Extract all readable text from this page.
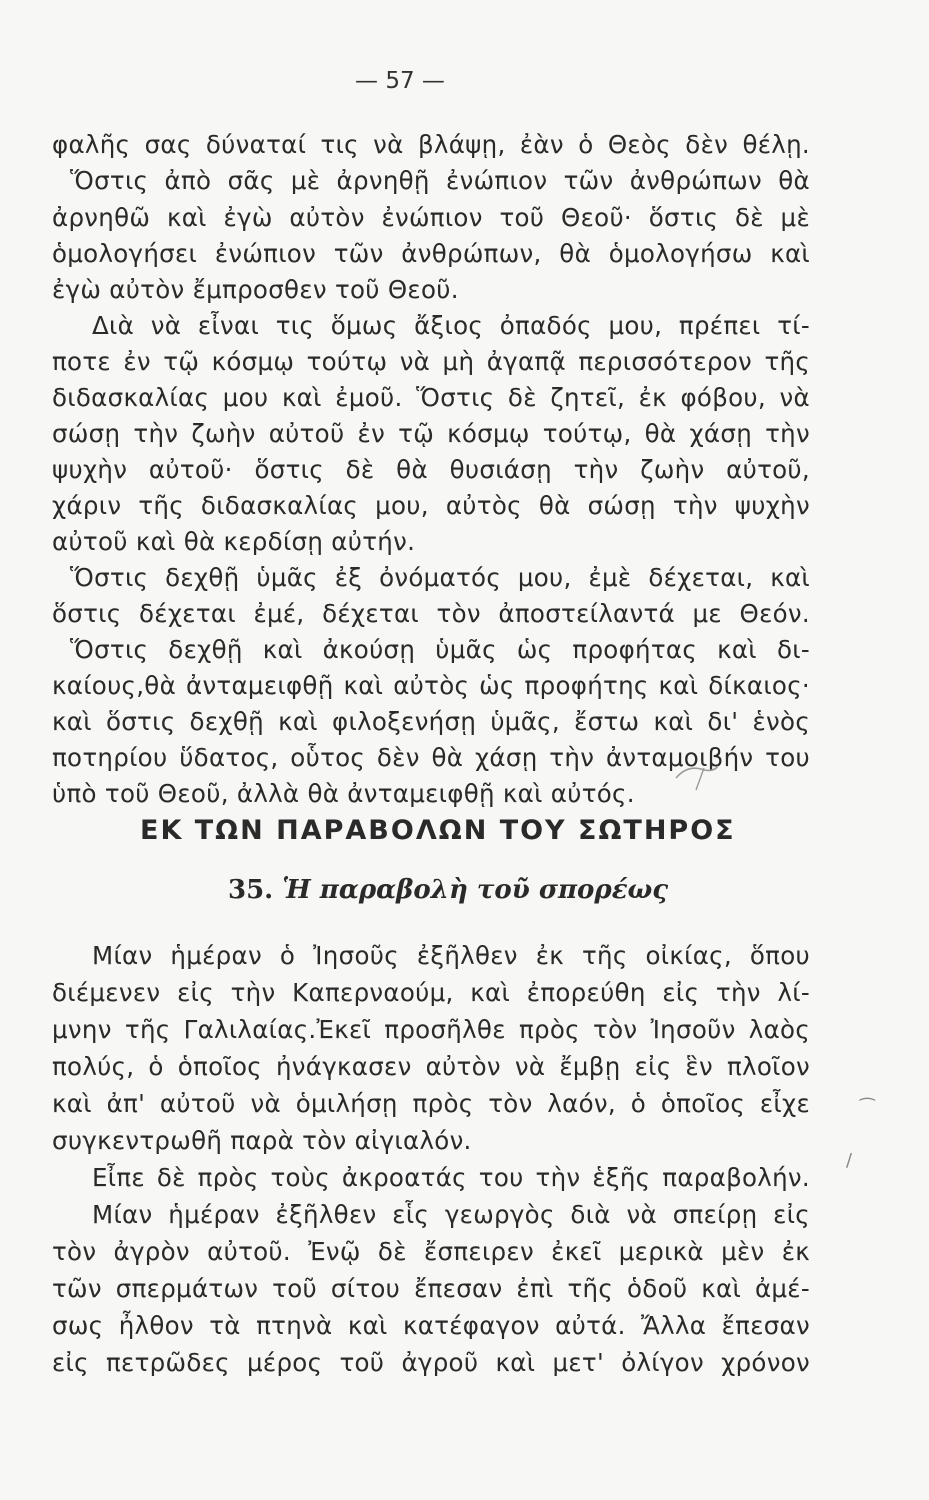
— 57 —
φαλῆς σας δύναταί τις νὰ βλάψῃ, ἐὰν ὁ Θεὸς δὲν θέλῃ.
Ὅστις ἀπὸ σᾶς μὲ ἀρνηθῇ ἐνώπιον τῶν ἀνθρώπων θὰ
ἀρνηθῶ καὶ ἐγὼ αὐτὸν ἐνώπιον τοῦ Θεοῦ· ὅστις δὲ μὲ
ὁμολογήσει ἐνώπιον τῶν ἀνθρώπων, θὰ ὁμολογήσω καὶ
ἐγὼ αὐτὸν ἔμπροσθεν τοῦ Θεοῦ.
Διὰ νὰ εἶναι τις ὅμως ἄξιος ὀπαδός μου, πρέπει τί-
ποτε ἐν τῷ κόσμῳ τούτῳ νὰ μὴ ἀγαπᾷ περισσότερον τῆς
διδασκαλίας μου καὶ ἐμοῦ. Ὅστις δὲ ζητεῖ, ἐκ φόβου, νὰ
σώσῃ τὴν ζωὴν αὐτοῦ ἐν τῷ κόσμῳ τούτῳ, θὰ χάσῃ τὴν
ψυχὴν αὐτοῦ· ὅστις δὲ θὰ θυσιάσῃ τὴν ζωὴν αὐτοῦ,
χάριν τῆς διδασκαλίας μου, αὐτὸς θὰ σώσῃ τὴν ψυχὴν
αὐτοῦ καὶ θὰ κερδίσῃ αὐτήν.
Ὅστις δεχθῇ ὑμᾶς ἐξ ὀνόματός μου, ἐμὲ δέχεται, καὶ
ὅστις δέχεται ἐμέ, δέχεται τὸν ἀποστείλαντά με Θεόν.
Ὅστις δεχθῇ καὶ ἀκούσῃ ὑμᾶς ὡς προφήτας καὶ δι-
καίους,θὰ ἀνταμειφθῇ καὶ αὐτὸς ὡς προφήτης καὶ δίκαιος·
καὶ ὅστις δεχθῇ καὶ φιλοξενήσῃ ὑμᾶς, ἔστω καὶ δι' ἑνὸς
ποτηρίου ὕδατος, οὗτος δὲν θὰ χάσῃ τὴν ἀνταμοιβήν του
ὑπὸ τοῦ Θεοῦ, ἀλλὰ θὰ ἀνταμειφθῇ καὶ αὐτός.
ΕΚ ΤΩΝ ΠΑΡΑΒΟΛΩΝ ΤΟΥ ΣΩΤΗΡΟΣ
35. Ἡ παραβολὴ τοῦ σπορέως
Μίαν ἡμέραν ὁ Ἰησοῦς ἐξῆλθεν ἐκ τῆς οἰκίας, ὅπου
διέμενεν εἰς τὴν Καπερναούμ, καὶ ἐπορεύθη εἰς τὴν λί-
μνην τῆς Γαλιλαίας.Ἐκεῖ προσῆλθε πρὸς τὸν Ἰησοῦν λαὸς
πολύς, ὁ ὁποῖος ἠνάγκασεν αὐτὸν νὰ ἔμβῃ εἰς ἓν πλοῖον
καὶ ἀπ' αὐτοῦ νὰ ὁμιλήσῃ πρὸς τὸν λαόν, ὁ ὁποῖος εἶχε
συγκεντρωθῆ παρὰ τὸν αἰγιαλόν.
Εἶπε δὲ πρὸς τοὺς ἀκροατάς του τὴν ἑξῆς παραβολήν.
Μίαν ἡμέραν ἐξῆλθεν εἷς γεωργὸς διὰ νὰ σπείρῃ εἰς
τὸν ἀγρὸν αὐτοῦ. Ἐνῷ δὲ ἔσπειρεν ἐκεῖ μερικὰ μὲν ἐκ
τῶν σπερμάτων τοῦ σίτου ἔπεσαν ἐπὶ τῆς ὁδοῦ καὶ ἀμέ-
σως ἦλθον τὰ πτηνὰ καὶ κατέφαγον αὐτά. Ἄλλα ἔπεσαν
εἰς πετρῶδες μέρος τοῦ ἀγροῦ καὶ μετ' ὀλίγον χρόνον
⁀
/
